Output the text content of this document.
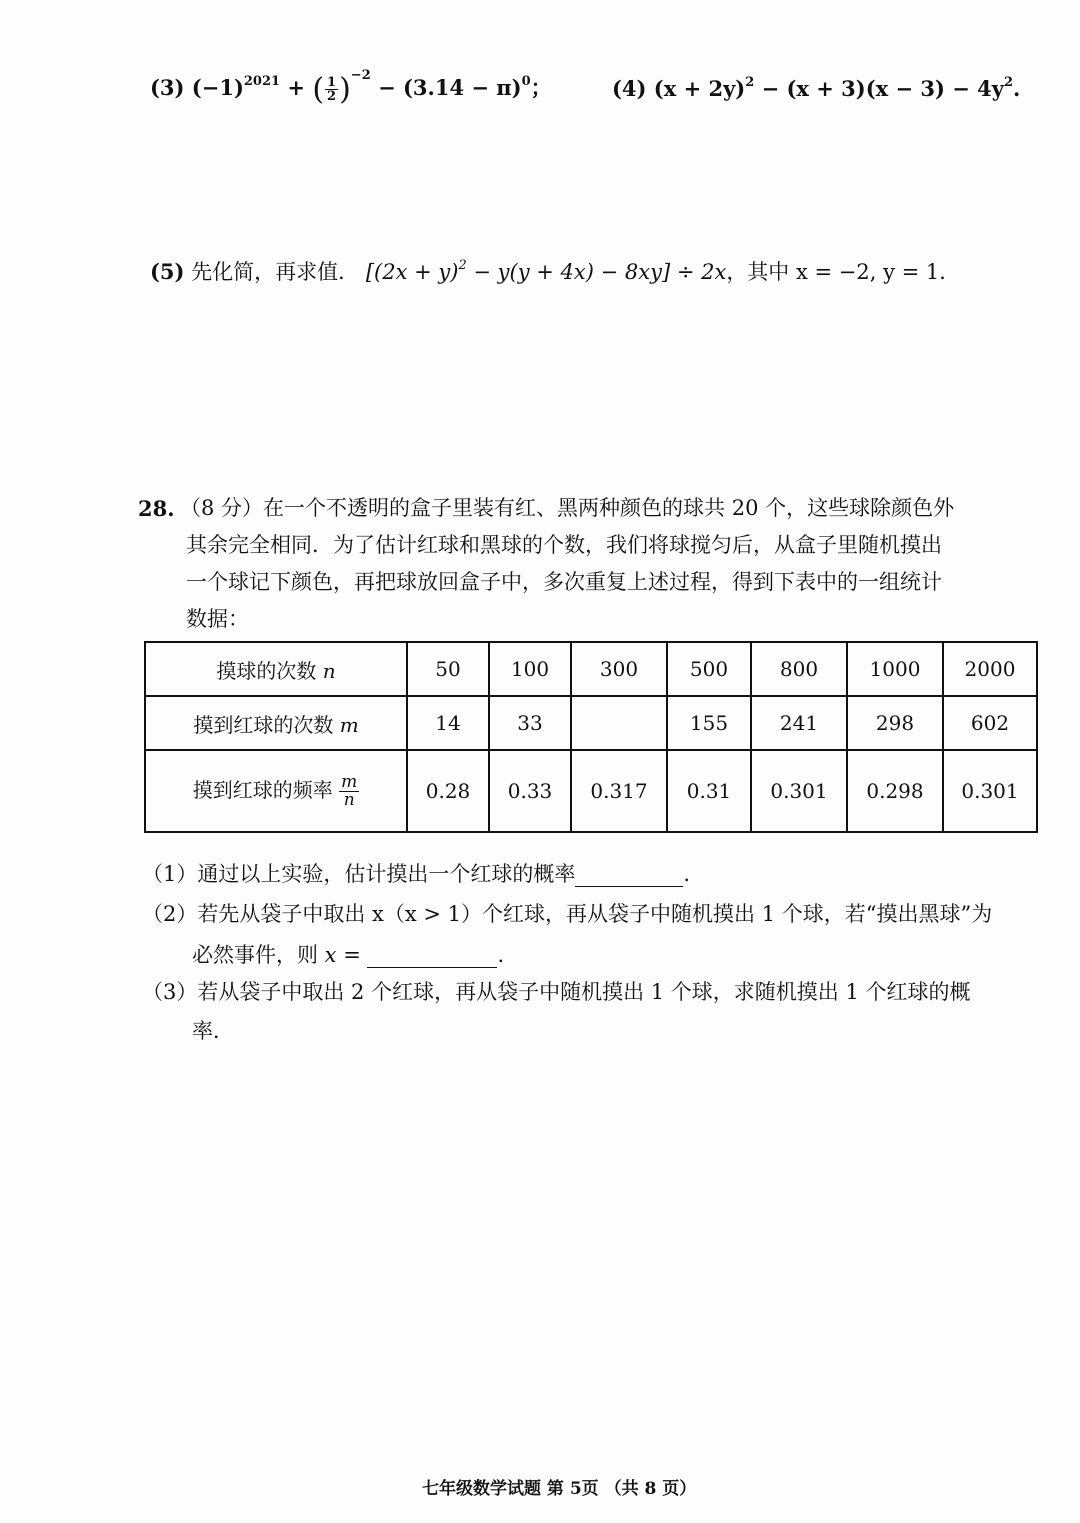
(3) $(-1)^{2021}$ + ( $\frac{1}{2} )^{-2} - (3.14 - \pi)^0$；	(4) $(x + 2y)^2 - (x + 3)(x - 3) - 4y^2$.
(5) 先化简，再求值． $[(2x + y)^2 - y(y + 4x) - 8xy] \div 2x$，其中 x = −2, y = 1．
28. （8 分）在一个不透明的盒子里装有红、黑两种颜色的球共 20 个，这些球除颜色外
其余完全相同．为了估计红球和黑球的个数，我们将球搅匀后，从盒子里随机摸出
一个球记下颜色，再把球放回盒子中，多次重复上述过程，得到下表中的一组统计
数据：
摸球的次数 n	50	100	300	500	800	1000	2000
摸到红球的次数 m	14	33		155	241	298	602
摸到红球的频率 $\frac{m}{n}$	0.28	0.33	0.317	0.31	0.301	0.298	0.301
（1）通过以上实验，估计摸出一个红球的概率	.
（2）若先从袋子中取出 x（x > 1）个红球，再从袋子中随机摸出 1 个球，若“摸出黑球”为
必然事件，则 x =	.
（3）若从袋子中取出 2 个红球，再从袋子中随机摸出 1 个球，求随机摸出 1 个红球的概
率．
七年级数学试题 第 5页 （共 8 页）
